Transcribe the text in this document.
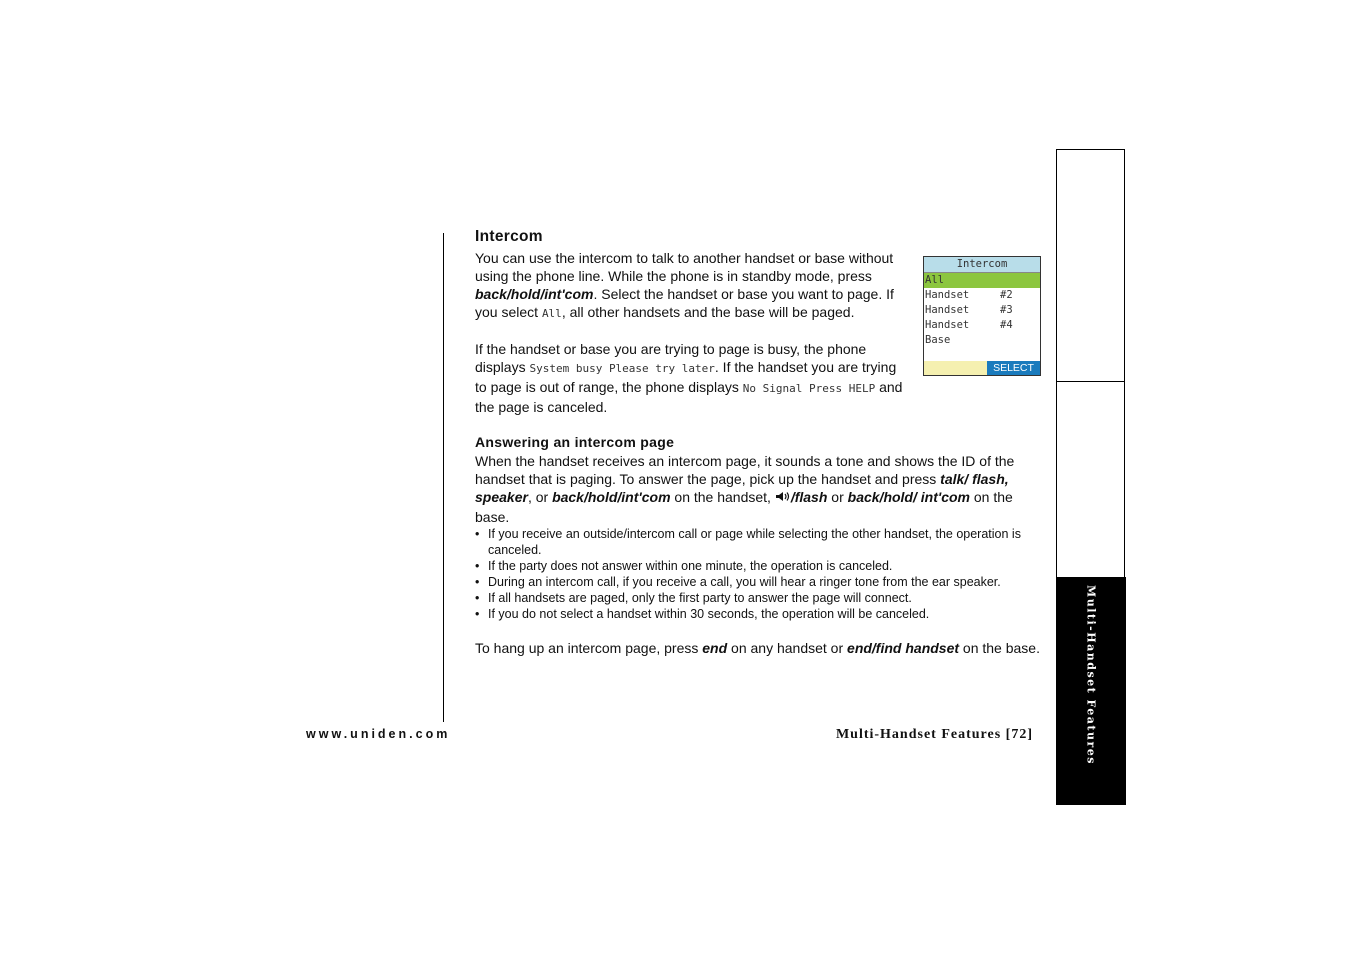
Intercom

You can use the intercom to talk to another handset or base without using the phone line. While the phone is in standby mode, press back/hold/int'com. Select the handset or base you want to page. If you select All, all other handsets and the base will be paged.

If the handset or base you are trying to page is busy, the phone displays System busy Please try later. If the handset you are trying to page is out of range, the phone displays No Signal Press HELP and the page is canceled.

Answering an intercom page

When the handset receives an intercom page, it sounds a tone and shows the ID of the handset that is paging. To answer the page, pick up the handset and press talk/ flash, speaker, or back/hold/int'com on the handset, /flash or back/hold/ int'com on the base.

• If you receive an outside/intercom call or page while selecting the other handset, the operation is canceled.
• If the party does not answer within one minute, the operation is canceled.
• During an intercom call, if you receive a call, you will hear a ringer tone from the ear speaker.
• If all handsets are paged, only the first party to answer the page will connect.
• If you do not select a handset within 30 seconds, the operation will be canceled.

To hang up an intercom page, press end on any handset or end/find handset on the base.

Intercom
All
Handset	#2
Handset	#3
Handset	#4
Base
SELECT
Multi-Handset Features
www.uniden.com	Multi-Handset Features [72]
